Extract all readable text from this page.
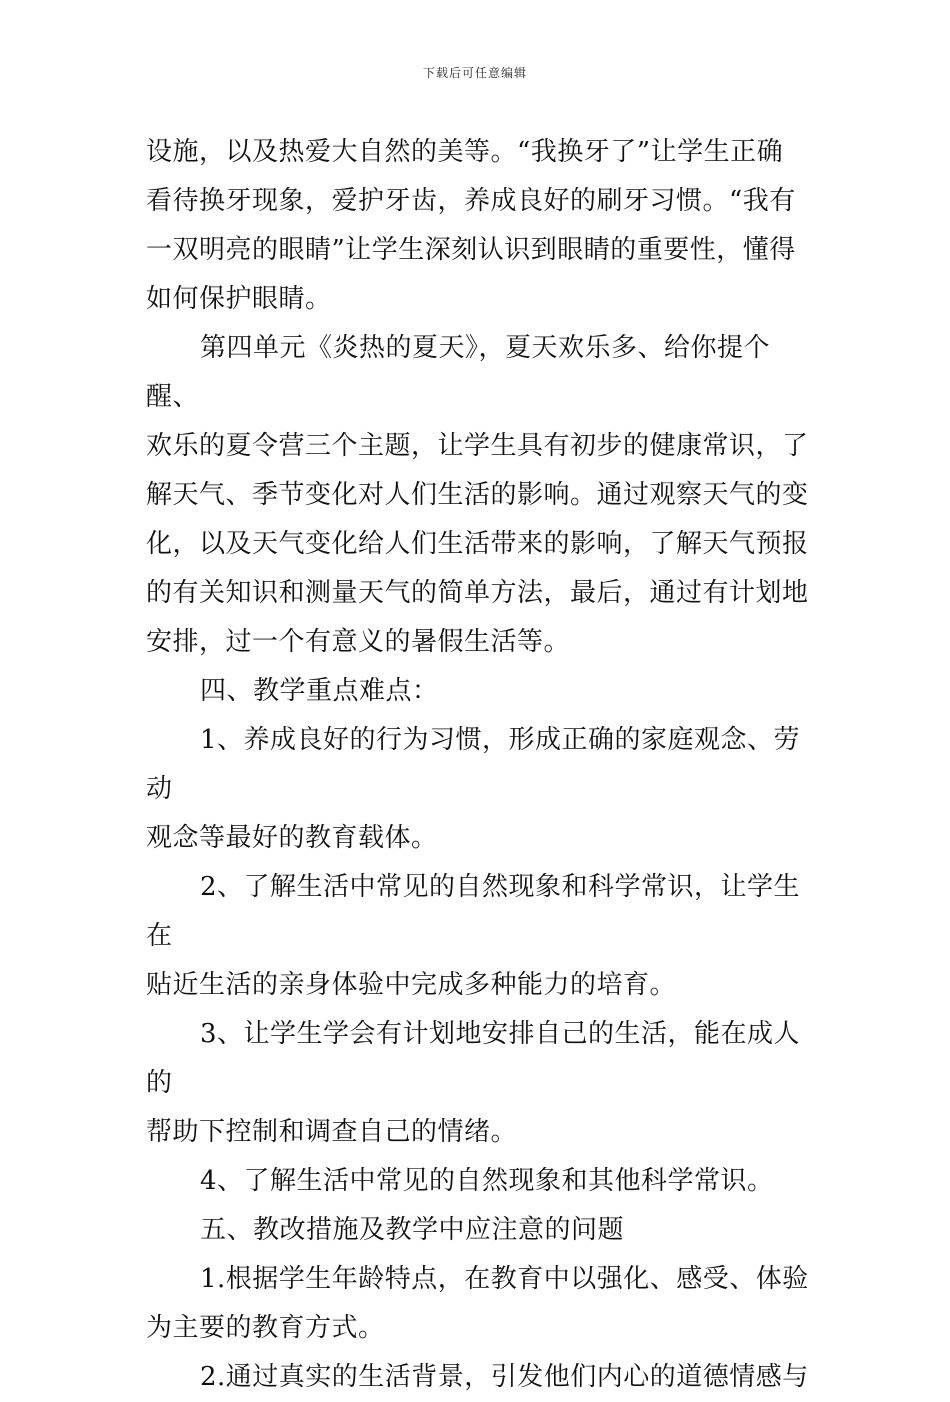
下载后可任意编辑

设施，以及热爱大自然的美等。“我换牙了”让学生正确
看待换牙现象，爱护牙齿，养成良好的刷牙习惯。“我有
一双明亮的眼睛”让学生深刻认识到眼睛的重要性，懂得
如何保护眼睛。

第四单元《炎热的夏天》，夏天欢乐多、给你提个醒、
欢乐的夏令营三个主题，让学生具有初步的健康常识，了
解天气、季节变化对人们生活的影响。通过观察天气的变
化，以及天气变化给人们生活带来的影响，了解天气预报
的有关知识和测量天气的简单方法，最后，通过有计划地
安排，过一个有意义的暑假生活等。

四、教学重点难点：

1、养成良好的行为习惯，形成正确的家庭观念、劳动
观念等最好的教育载体。

2、了解生活中常见的自然现象和科学常识，让学生在
贴近生活的亲身体验中完成多种能力的培育。

3、让学生学会有计划地安排自己的生活，能在成人的
帮助下控制和调查自己的情绪。

4、了解生活中常见的自然现象和其他科学常识。

五、教改措施及教学中应注意的问题

1.根据学生年龄特点，在教育中以强化、感受、体验
为主要的教育方式。

2.通过真实的生活背景，引发他们内心的道德情感与
